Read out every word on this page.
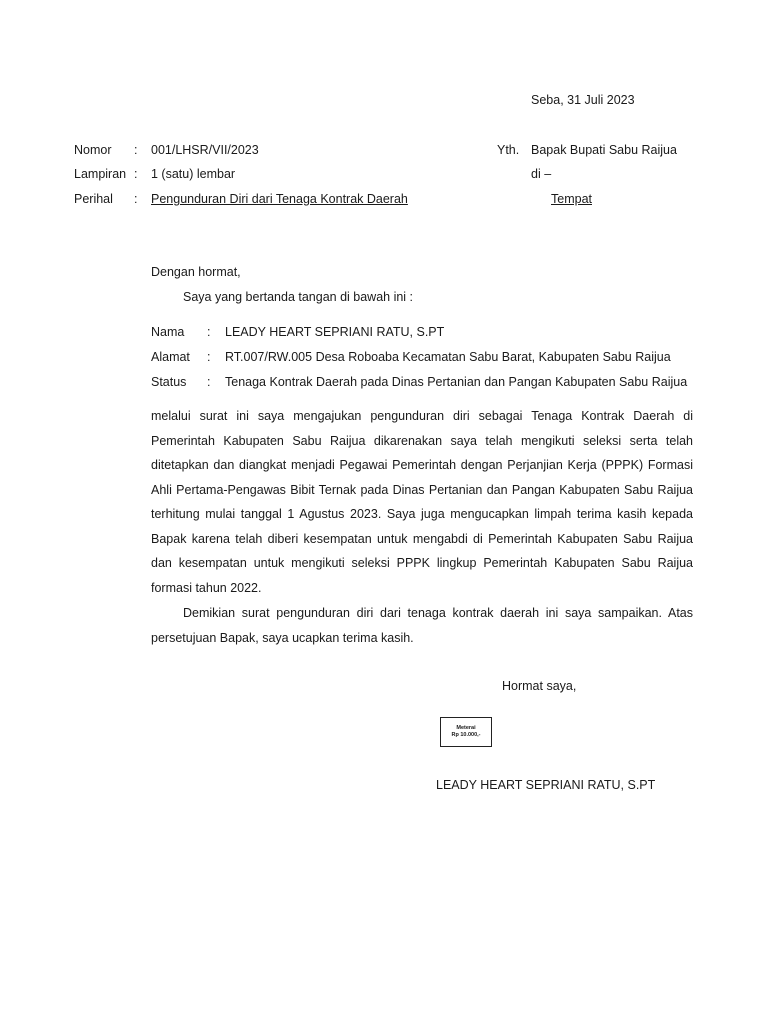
Seba, 31 Juli 2023
Nomor : 001/LHSR/VII/2023
Lampiran : 1 (satu) lembar
Perihal : Pengunduran Diri dari Tenaga Kontrak Daerah
Yth. Bapak Bupati Sabu Raijua
di –
Tempat
Dengan hormat,
Saya yang bertanda tangan di bawah ini :
Nama : LEADY HEART SEPRIANI RATU, S.PT
Alamat : RT.007/RW.005 Desa Roboaba Kecamatan Sabu Barat, Kabupaten Sabu Raijua
Status : Tenaga Kontrak Daerah pada Dinas Pertanian dan Pangan Kabupaten Sabu Raijua
melalui surat ini saya mengajukan pengunduran diri sebagai Tenaga Kontrak Daerah di Pemerintah Kabupaten Sabu Raijua dikarenakan saya telah mengikuti seleksi serta telah ditetapkan dan diangkat menjadi Pegawai Pemerintah dengan Perjanjian Kerja (PPPK) Formasi Ahli Pertama-Pengawas Bibit Ternak pada Dinas Pertanian dan Pangan Kabupaten Sabu Raijua terhitung mulai tanggal 1 Agustus 2023. Saya juga mengucapkan limpah terima kasih kepada Bapak karena telah diberi kesempatan untuk mengabdi di Pemerintah Kabupaten Sabu Raijua dan kesempatan untuk mengikuti seleksi PPPK lingkup Pemerintah Kabupaten Sabu Raijua formasi tahun 2022.
Demikian surat pengunduran diri dari tenaga kontrak daerah ini saya sampaikan. Atas persetujuan Bapak, saya ucapkan terima kasih.
Hormat saya,
Meterai
Rp 10.000,-
LEADY HEART SEPRIANI RATU, S.PT
